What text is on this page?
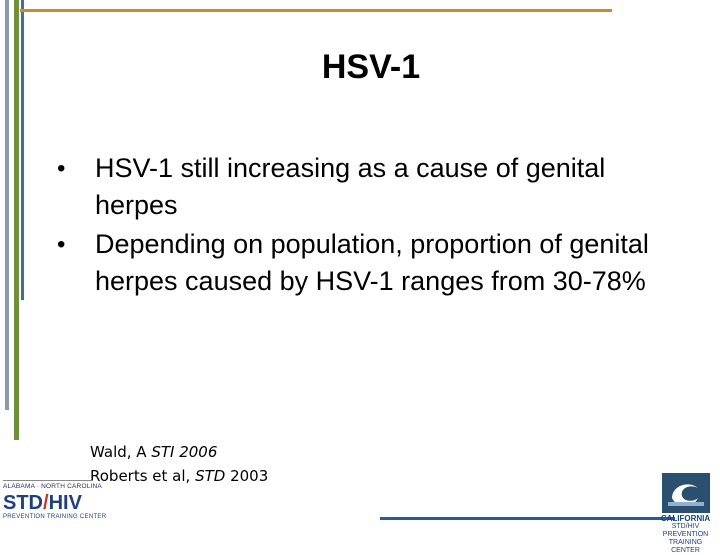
HSV-1
• HSV-1 still increasing as a cause of genital herpes
• Depending on population, proportion of genital herpes caused by HSV-1 ranges from 30-78%
Wald, A STI 2006
Roberts et al, STD 2003
ALABAMA · NORTH CAROLINA
STD/HIV
PREVENTION TRAINING CENTER	CALIFORNIA
STD/HIV PREVENTION
TRAINING CENTER
